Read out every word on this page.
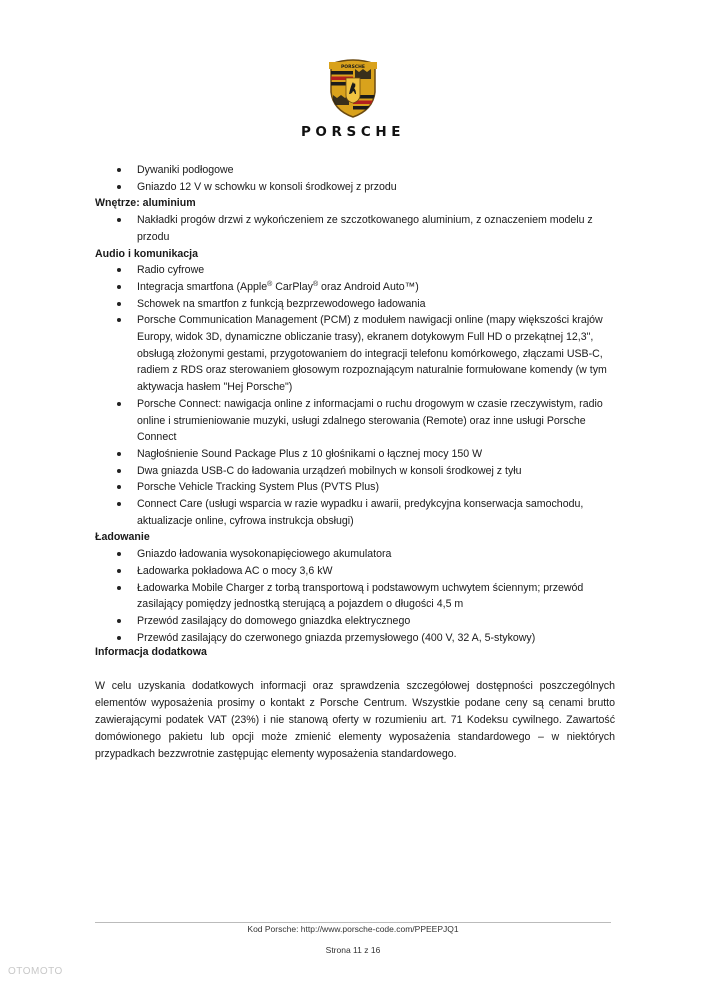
PORSCHE
PORSCHE
Dywaniki podłogowe
Gniazdo 12 V w schowku w konsoli środkowej z przodu
Wnętrze: aluminium
Nakładki progów drzwi z wykończeniem ze szczotkowanego aluminium, z oznaczeniem modelu z przodu
Audio i komunikacja
Radio cyfrowe
Integracja smartfona (Apple® CarPlay® oraz Android Auto™)
Schowek na smartfon z funkcją bezprzewodowego ładowania
Porsche Communication Management (PCM) z modułem nawigacji online (mapy większości krajów Europy, widok 3D, dynamiczne obliczanie trasy), ekranem dotykowym Full HD o przekątnej 12,3", obsługą złożonymi gestami, przygotowaniem do integracji telefonu komórkowego, złączami USB-C, radiem z RDS oraz sterowaniem głosowym rozpoznającym naturalnie formułowane komendy (w tym aktywacja hasłem "Hej Porsche")
Porsche Connect: nawigacja online z informacjami o ruchu drogowym w czasie rzeczywistym, radio online i strumieniowanie muzyki, usługi zdalnego sterowania (Remote) oraz inne usługi Porsche Connect
Nagłośnienie Sound Package Plus z 10 głośnikami o łącznej mocy 150 W
Dwa gniazda USB-C do ładowania urządzeń mobilnych w konsoli środkowej z tyłu
Porsche Vehicle Tracking System Plus (PVTS Plus)
Connect Care (usługi wsparcia w razie wypadku i awarii, predykcyjna konserwacja samochodu, aktualizacje online, cyfrowa instrukcja obsługi)
Ładowanie
Gniazdo ładowania wysokonapięciowego akumulatora
Ładowarka pokładowa AC o mocy 3,6 kW
Ładowarka Mobile Charger z torbą transportową i podstawowym uchwytem ściennym; przewód zasilający pomiędzy jednostką sterującą a pojazdem o długości 4,5 m
Przewód zasilający do domowego gniazdka elektrycznego
Przewód zasilający do czerwonego gniazda przemysłowego (400 V, 32 A, 5-stykowy)
Informacja dodatkowa
W celu uzyskania dodatkowych informacji oraz sprawdzenia szczegółowej dostępności poszczególnych elementów wyposażenia prosimy o kontakt z Porsche Centrum. Wszystkie podane ceny są cenami brutto zawierającymi podatek VAT (23%) i nie stanową oferty w rozumieniu art. 71 Kodeksu cywilnego. Zawartość domówionego pakietu lub opcji może zmienić elementy wyposażenia standardowego – w niektórych przypadkach bezzwrotnie zastępując elementy wyposażenia standardowego.
Kod Porsche: http://www.porsche-code.com/PPEEPJQ1
Strona 11 z 16
OTOMOTO
